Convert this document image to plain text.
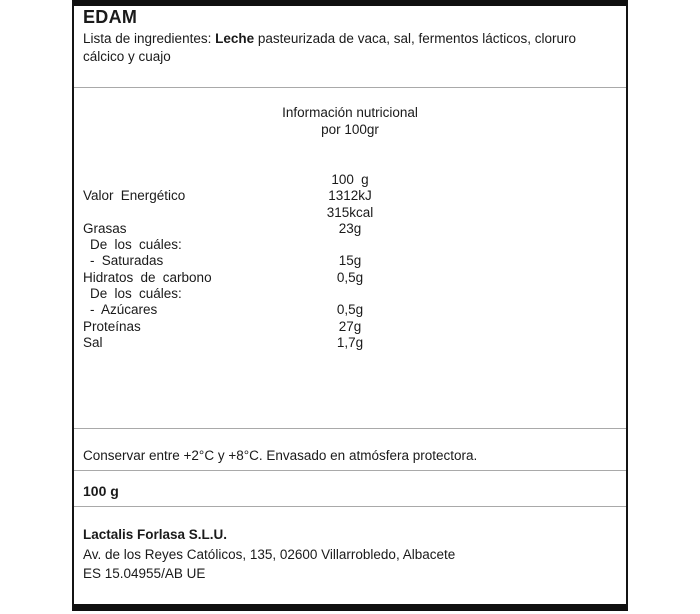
EDAM
Lista de ingredientes: Leche pasteurizada de vaca, sal, fermentos lácticos, cloruro cálcico y cuajo
Información nutricional
por 100gr
100 g
Valor Energético	1312kJ
315kcal
Grasas	23g
De los cuáles:
- Saturadas	15g
Hidratos de carbono	0,5g
De los cuáles:
- Azúcares	0,5g
Proteínas	27g
Sal	1,7g
Conservar entre +2°C y +8°C. Envasado en atmósfera protectora.
100 g
Lactalis Forlasa S.L.U.
Av. de los Reyes Católicos, 135, 02600 Villarrobledo, Albacete
ES 15.04955/AB UE
